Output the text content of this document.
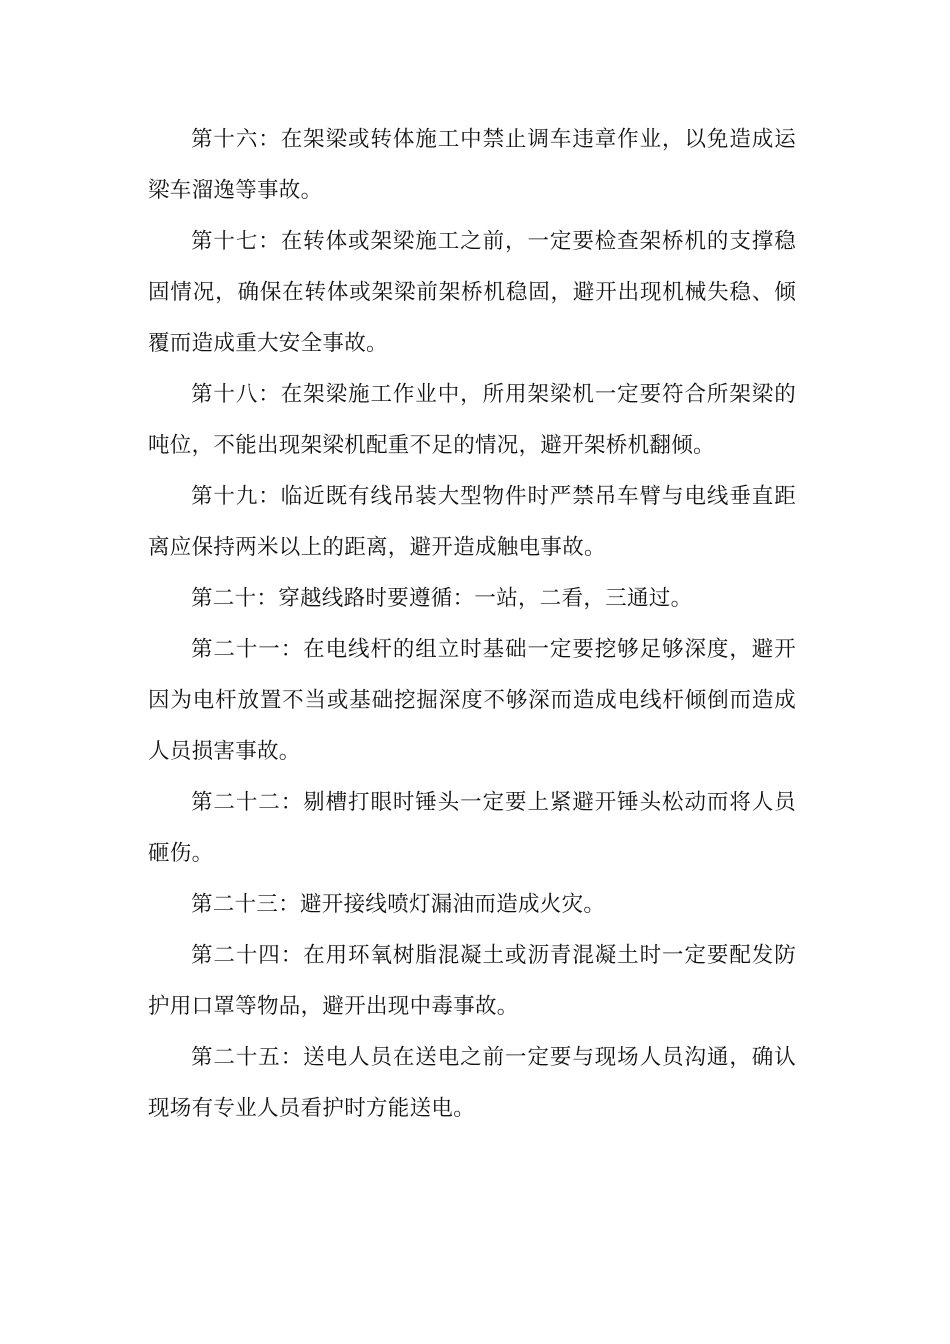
第十六：在架梁或转体施工中禁止调车违章作业，以免造成运梁车溜逸等事故。

第十七：在转体或架梁施工之前，一定要检查架桥机的支撑稳固情况，确保在转体或架梁前架桥机稳固，避开出现机械失稳、倾覆而造成重大安全事故。

第十八：在架梁施工作业中，所用架梁机一定要符合所架梁的吨位，不能出现架梁机配重不足的情况，避开架桥机翻倾。

第十九：临近既有线吊装大型物件时严禁吊车臂与电线垂直距离应保持两米以上的距离，避开造成触电事故。

第二十：穿越线路时要遵循：一站，二看，三通过。

第二十一：在电线杆的组立时基础一定要挖够足够深度，避开因为电杆放置不当或基础挖掘深度不够深而造成电线杆倾倒而造成人员损害事故。

第二十二：剔槽打眼时锤头一定要上紧避开锤头松动而将人员砸伤。

第二十三：避开接线喷灯漏油而造成火灾。

第二十四：在用环氧树脂混凝土或沥青混凝土时一定要配发防护用口罩等物品，避开出现中毒事故。

第二十五：送电人员在送电之前一定要与现场人员沟通，确认现场有专业人员看护时方能送电。
